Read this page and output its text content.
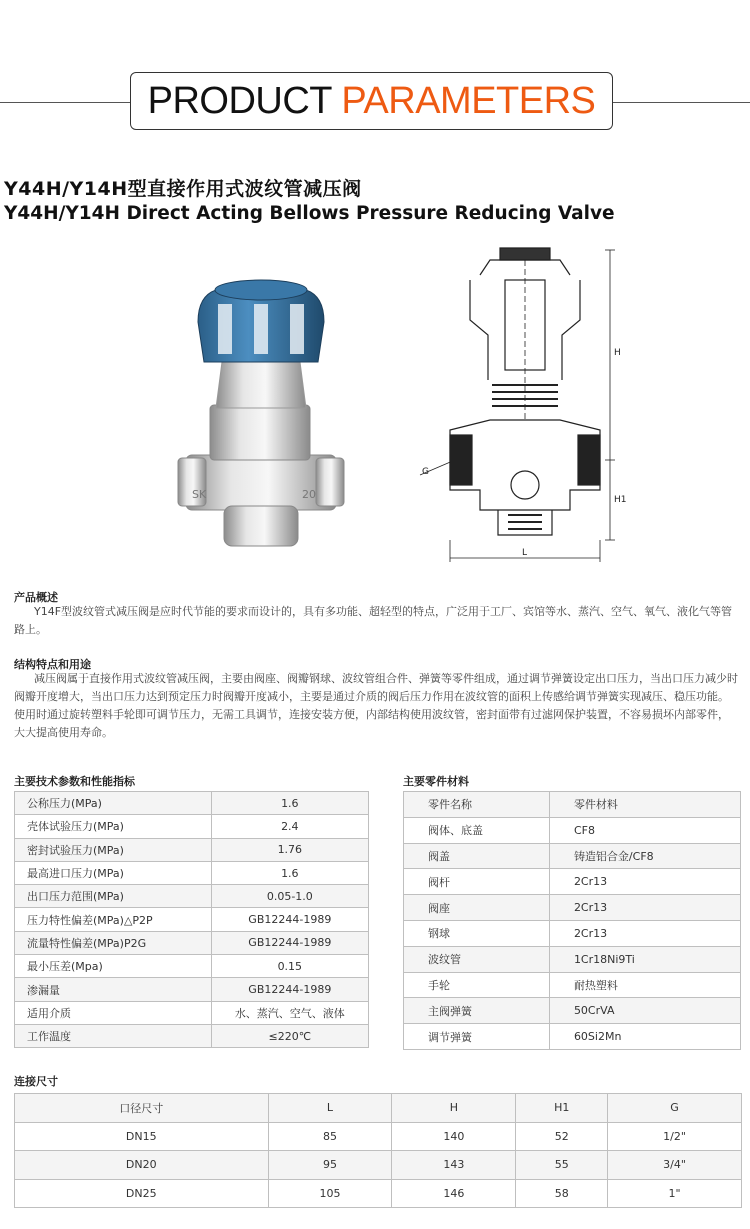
PRODUCT PARAMETERS
Y44H/Y14H型直接作用式波纹管减压阀
Y44H/Y14H Direct Acting Bellows Pressure Reducing Valve
SK	20
H
H1
L
G
产品概述

Y14F型波纹管式减压阀是应时代节能的要求而设计的，具有多功能、超轻型的特点，广泛用于工厂、宾馆等水、蒸汽、空气、氧气、液化气等管路上。

结构特点和用途

减压阀属于直接作用式波纹管减压阀，主要由阀座、阀瓣钢球、波纹管组合件、弹簧等零件组成，通过调节弹簧设定出口压力，当出口压力减少时阀瓣开度增大，当出口压力达到预定压力时阀瓣开度减小，主要是通过介质的阀后压力作用在波纹管的面积上传感给调节弹簧实现减压、稳压功能。使用时通过旋转塑料手轮即可调节压力，无需工具调节，连接安装方便，内部结构使用波纹管，密封面带有过滤网保护装置，不容易损坏内部零件，大大提高使用寿命。

主要技术参数和性能指标	主要零件材料
公称压力(MPa)	1.6
壳体试验压力(MPa)	2.4
密封试验压力(MPa)	1.76
最高进口压力(MPa)	1.6
出口压力范围(MPa)	0.05-1.0
压力特性偏差(MPa)△P2P	GB12244-1989
流量特性偏差(MPa)P2G	GB12244-1989
最小压差(Mpa)	0.15
渗漏量	GB12244-1989
适用介质	水、蒸汽、空气、液体
工作温度	≤220℃
零件名称	零件材料
阀体、底盖	CF8
阀盖	铸造铝合金/CF8
阀杆	2Cr13
阀座	2Cr13
钢球	2Cr13
波纹管	1Cr18Ni9Ti
手轮	耐热塑料
主阀弹簧	50CrVA
调节弹簧	60Si2Mn
连接尺寸
口径尺寸	L	H	H1	G
DN15	85	140	52	1/2"
DN20	95	143	55	3/4"
DN25	105	146	58	1"
